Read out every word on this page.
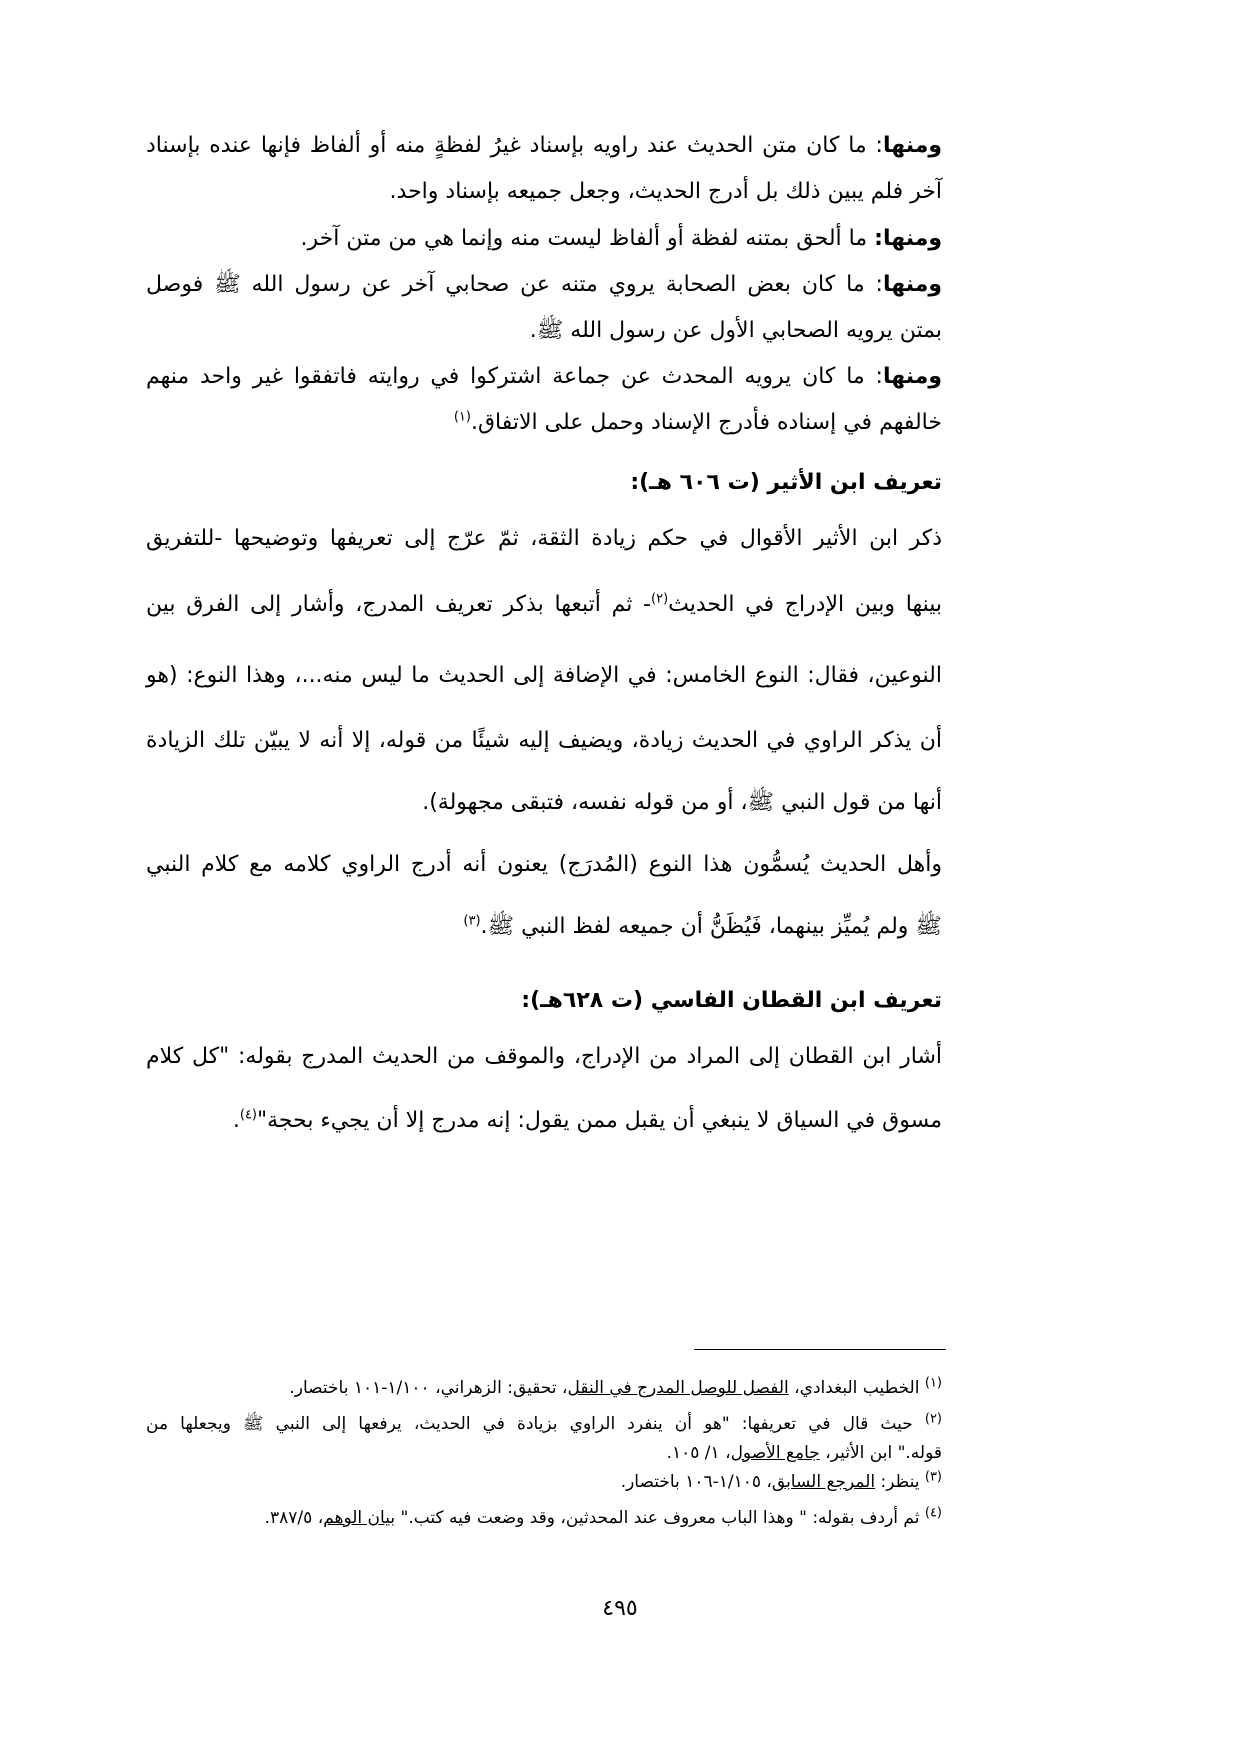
ومنها: ما كان متن الحديث عند راويه بإسناد غيرُ لفظةٍ منه أو ألفاظ فإنها عنده بإسناد
آخر فلم يبين ذلك بل أدرج الحديث، وجعل جميعه بإسناد واحد.
ومنها: ما ألحق بمتنه لفظة أو ألفاظ ليست منه وإنما هي من متن آخر.
ومنها: ما كان بعض الصحابة يروي متنه عن صحابي آخر عن رسول الله ﷺ فوصل
بمتن يرويه الصحابي الأول عن رسول الله ﷺ.
ومنها: ما كان يرويه المحدث عن جماعة اشتركوا في روايته فاتفقوا غير واحد منهم
خالفهم في إسناده فأدرج الإسناد وحمل على الاتفاق.$^{(١)}$
تعريف ابن الأثير (ت ٦٠٦ هـ):
ذكر ابن الأثير الأقوال في حكم زيادة الثقة، ثمّ عرّج إلى تعريفها وتوضيحها -للتفريق
بينها وبين الإدراج في الحديث$^{(٢)}$- ثم أتبعها بذكر تعريف المدرج، وأشار إلى الفرق بين
النوعين، فقال: النوع الخامس: في الإضافة إلى الحديث ما ليس منه...، وهذا النوع: (هو
أن يذكر الراوي في الحديث زيادة، ويضيف إليه شيئًا من قوله، إلا أنه لا يبيّن تلك الزيادة
أنها من قول النبي ﷺ، أو من قوله نفسه، فتبقى مجهولة).
وأهل الحديث يُسمُّون هذا النوع (المُدرَج) يعنون أنه أدرج الراوي كلامه مع كلام النبي
ﷺ ولم يُميِّز بينهما، فَيُظَنُّ أن جميعه لفظ النبي ﷺ.$^{(٣)}$
تعريف ابن القطان الفاسي (ت ٦٢٨هـ):
أشار ابن القطان إلى المراد من الإدراج، والموقف من الحديث المدرج بقوله: "كل كلام
مسوق في السياق لا ينبغي أن يقبل ممن يقول: إنه مدرج إلا أن يجيء بحجة"$^{(٤)}$.
$^{(١)}$ الخطيب البغدادي، الفصل للوصل المدرج في النقل، تحقيق: الزهراني، ١/١٠٠-١٠١ باختصار.
$^{(٢)}$ حيث قال في تعريفها: "هو أن ينفرد الراوي بزيادة في الحديث، يرفعها إلى النبي ﷺ ويجعلها من
قوله." ابن الأثير، جامع الأصول، ١/ ١٠٥.
$^{(٣)}$ ينظر: المرجع السابق، ١/١٠٥-١٠٦ باختصار.
$^{(٤)}$ ثم أردف بقوله: " وهذا الباب معروف عند المحدثين، وقد وضعت فيه كتب." بيان الوهم، ٣٨٧/٥.
٤٩٥
